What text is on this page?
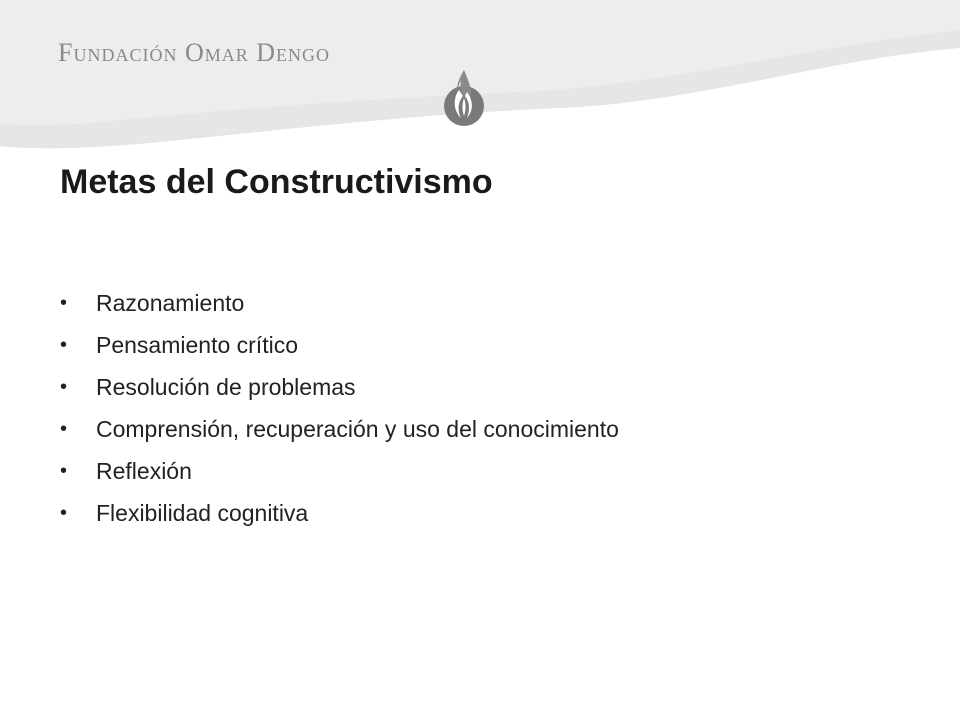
Fundación Omar Dengo

Metas del Constructivismo
•	Razonamiento
•	Pensamiento crítico
•	Resolución de problemas
•	Comprensión, recuperación y uso del conocimiento
•	Reflexión
•	Flexibilidad cognitiva
